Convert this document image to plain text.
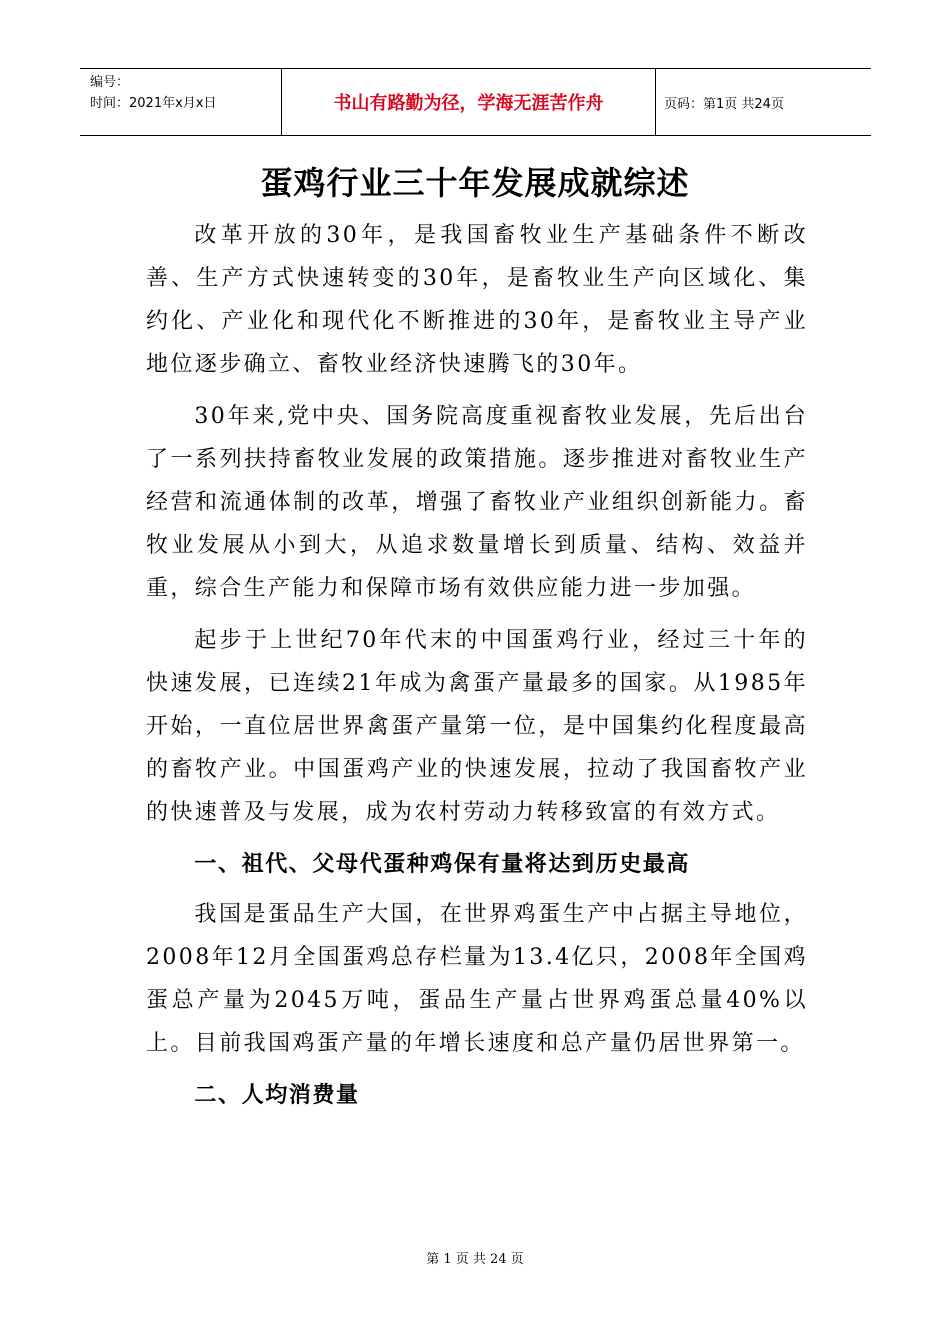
编号：
时间：2021年x月x日	书山有路勤为径，学海无涯苦作舟	页码：第1页 共24页
蛋鸡行业三十年发展成就综述

改革开放的30年，是我国畜牧业生产基础条件不断改善、生产方式快速转变的30年，是畜牧业生产向区域化、集约化、产业化和现代化不断推进的30年，是畜牧业主导产业地位逐步确立、畜牧业经济快速腾飞的30年。

30年来,党中央、国务院高度重视畜牧业发展，先后出台了一系列扶持畜牧业发展的政策措施。逐步推进对畜牧业生产经营和流通体制的改革，增强了畜牧业产业组织创新能力。畜牧业发展从小到大，从追求数量增长到质量、结构、效益并重，综合生产能力和保障市场有效供应能力进一步加强。

起步于上世纪70年代末的中国蛋鸡行业，经过三十年的快速发展，已连续21年成为禽蛋产量最多的国家。从1985年开始，一直位居世界禽蛋产量第一位，是中国集约化程度最高的畜牧产业。中国蛋鸡产业的快速发展，拉动了我国畜牧产业的快速普及与发展，成为农村劳动力转移致富的有效方式。

一、祖代、父母代蛋种鸡保有量将达到历史最高

我国是蛋品生产大国，在世界鸡蛋生产中占据主导地位，2008年12月全国蛋鸡总存栏量为13.4亿只，2008年全国鸡蛋总产量为2045万吨，蛋品生产量占世界鸡蛋总量40%以上。目前我国鸡蛋产量的年增长速度和总产量仍居世界第一。

二、人均消费量
第 1 页 共 24 页
